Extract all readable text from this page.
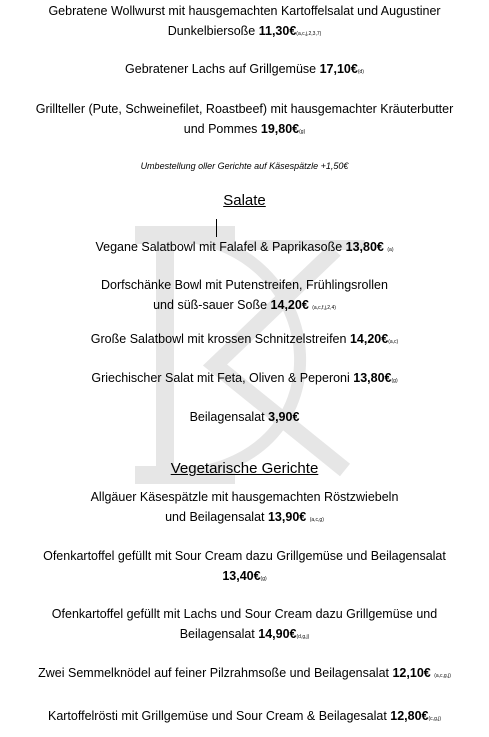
Gebratene Wollwurst mit hausgemachten Kartoffelsalat und Augustiner
Dunkelbiersoße 11,30€(a,c,j,2,3,7)
Gebratener Lachs auf Grillgemüse 17,10€(d)
Grillteller (Pute, Schweinefilet, Roastbeef) mit hausgemachter Kräuterbutter
und Pommes 19,80€(g)
Umbestellung oller Gerichte auf Käsespätzle +1,50€
Salate
Vegane Salatbowl mit Falafel & Paprikasoße 13,80€ (a)
Dorfschänke Bowl mit Putenstreifen, Frühlingsrollen
und süß-sauer Soße 14,20€ (a,c,f,j,2,4)
Große Salatbowl mit krossen Schnitzelstreifen 14,20€(a,c)
Griechischer Salat mit Feta, Oliven & Peperoni 13,80€(g)
Beilagensalat 3,90€
Vegetarische Gerichte
Allgäuer Käsespätzle mit hausgemachten Röstzwiebeln
und Beilagensalat 13,90€ (a,c,g)
Ofenkartoffel gefüllt mit Sour Cream dazu Grillgemüse und Beilagensalat
13,40€(g)
Ofenkartoffel gefüllt mit Lachs und Sour Cream dazu Grillgemüse und
Beilagensalat 14,90€(d,g,j)
Zwei Semmelknödel auf feiner Pilzrahmsoße und Beilagensalat 12,10€ (a,c,g,j)
Kartoffelrösti mit Grillgemüse und Sour Cream & Beilagesalat 12,80€(c,g,j)
